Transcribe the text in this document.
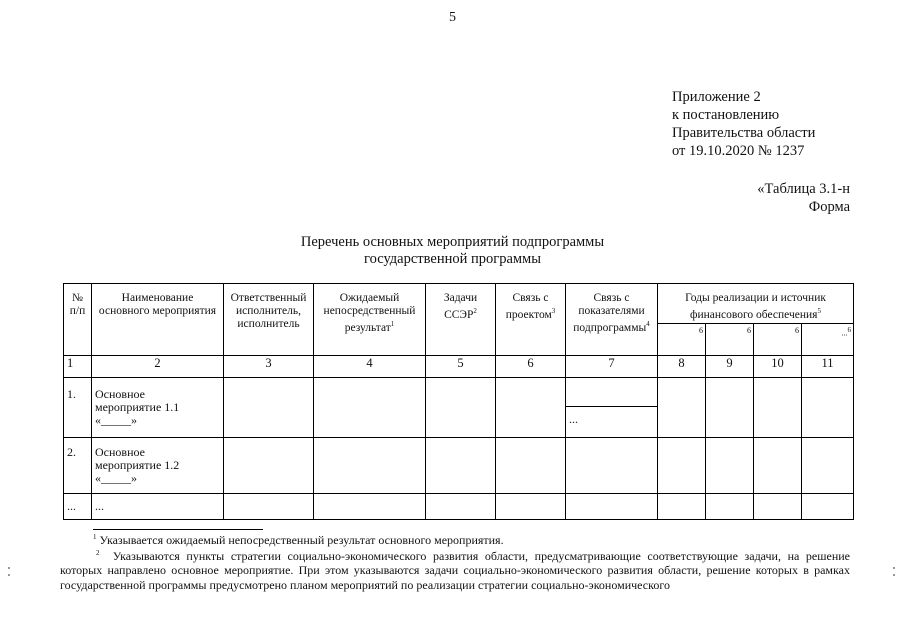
5
Приложение 2
к постановлению
Правительства области
от 19.10.2020 № 1237
«Таблица 3.1-н
Форма
Перечень основных мероприятий подпрограммы
государственной программы
№ п/п	Наименование основного мероприятия	Ответственный исполнитель, исполнитель	Ожидаемый непосредственный результат$^1$	Задачи ССЭР$^2$	Связь с проектом$^3$	Связь с показателями подпрограммы$^4$	Годы реализации и источник финансового обеспечения$^5$
							6	6	6	...$^6$
1	2	3	4	5	6	7	8	9	10	11
1.	Основное
мероприятие 1.1
«_____»					...				

2.	Основное
мероприятие 1.2
«_____»									

...	...									
$^1$ Указывается ожидаемый непосредственный результат основного мероприятия.
$^2$ Указываются пункты стратегии социально-экономического развития области, предусматривающие соответствующие задачи, на решение которых направлено основное мероприятие. При этом указываются задачи социально-экономического развития области, решение которых в рамках государственной программы предусмотрено планом мероприятий по реализации стратегии социально-экономического
